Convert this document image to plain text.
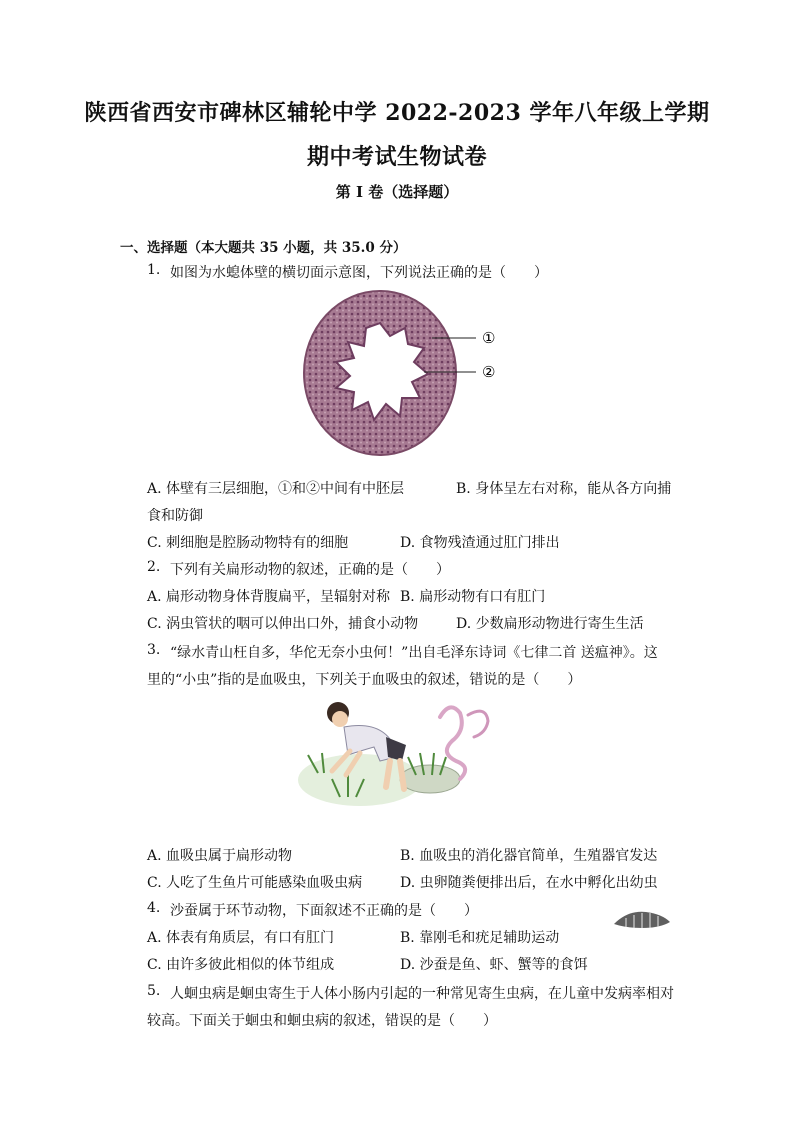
陕西省西安市碑林区辅轮中学 2022-2023 学年八年级上学期
期中考试生物试卷
第 I 卷（选择题）
一、选择题（本大题共 35 小题，共 35.0 分）
1. 如图为水螅体壁的横切面示意图，下列说法正确的是（　　）
①
②
A. 体壁有三层细胞，①和②中间有中胚层	B. 身体呈左右对称，能从各方向捕
食和防御
C. 刺细胞是腔肠动物特有的细胞	D. 食物残渣通过肛门排出
2. 下列有关扁形动物的叙述，正确的是（　　）
A. 扁形动物身体背腹扁平，呈辐射对称 B. 扁形动物有口有肛门
C. 涡虫管状的咽可以伸出口外，捕食小动物	D. 少数扁形动物进行寄生生活
3. “绿水青山枉自多，华佗无奈小虫何！”出自毛泽东诗词《七律二首 送瘟神》。这
里的“小虫”指的是血吸虫，下列关于血吸虫的叙述，错说的是（　　）
A. 血吸虫属于扁形动物	B. 血吸虫的消化器官简单，生殖器官发达
C. 人吃了生鱼片可能感染血吸虫病	D. 虫卵随粪便排出后，在水中孵化出幼虫
4. 沙蚕属于环节动物，下面叙述不正确的是（　　）
A. 体表有角质层，有口有肛门	B. 靠刚毛和疣足辅助运动
C. 由许多彼此相似的体节组成	D. 沙蚕是鱼、虾、蟹等的食饵
5. 人蛔虫病是蛔虫寄生于人体小肠内引起的一种常见寄生虫病，在儿童中发病率相对
较高。下面关于蛔虫和蛔虫病的叙述，错误的是（　　）
